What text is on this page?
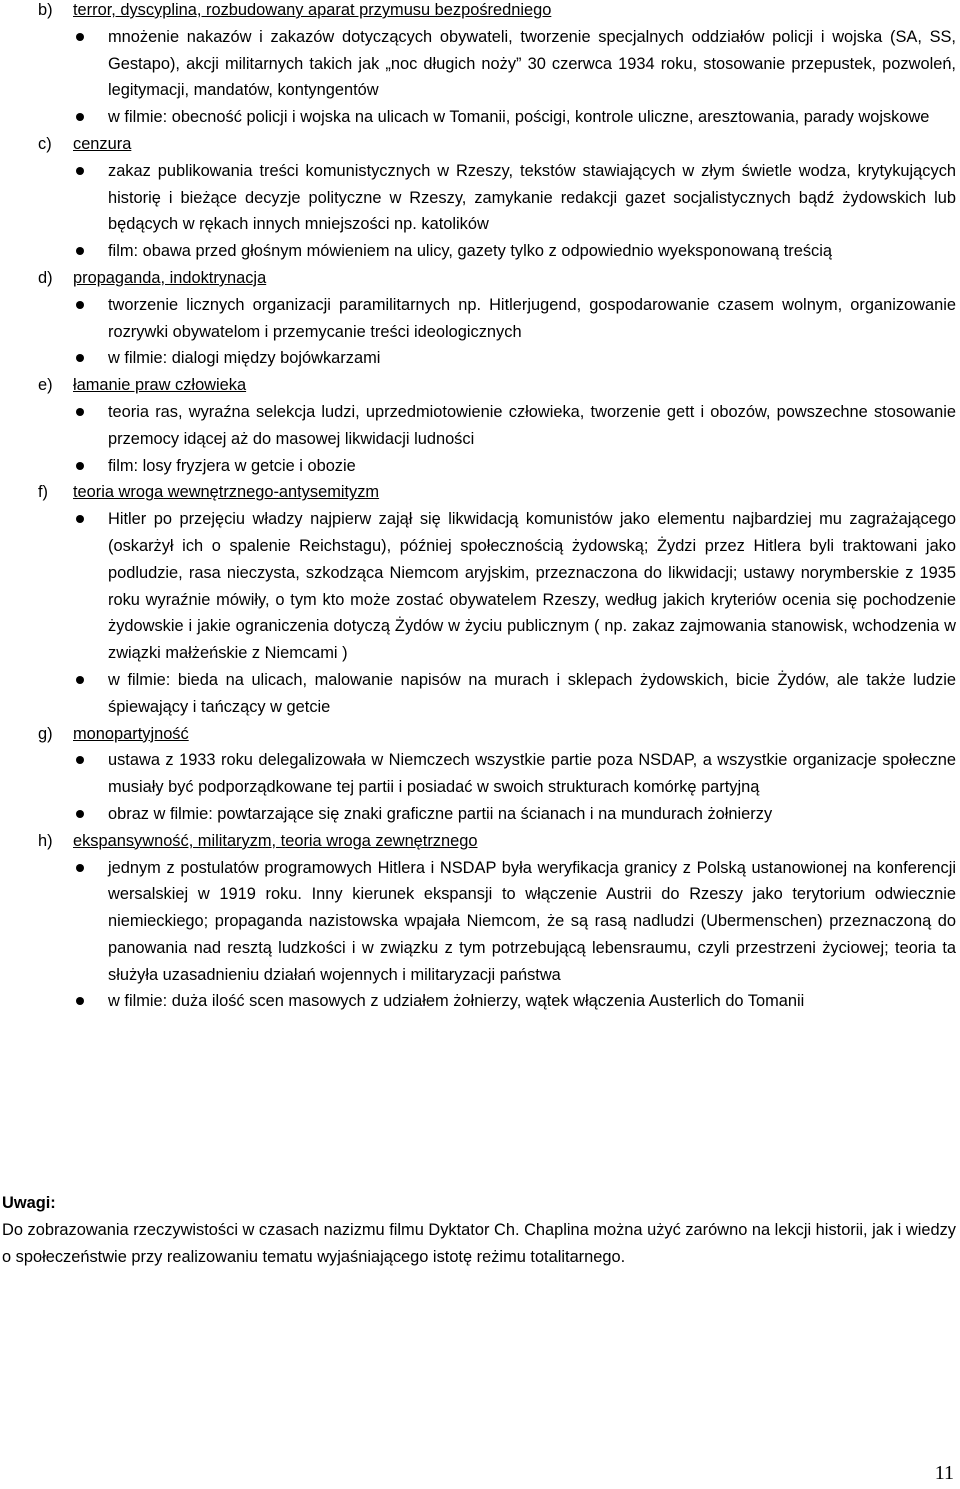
b) terror, dyscyplina, rozbudowany aparat przymusu bezpośredniego
mnożenie nakazów i zakazów dotyczących obywateli, tworzenie specjalnych oddziałów policji i wojska (SA, SS, Gestapo), akcji militarnych takich jak „noc długich noży” 30 czerwca 1934 roku, stosowanie przepustek, pozwoleń, legitymacji, mandatów, kontyngentów
w filmie: obecność policji i wojska na ulicach w Tomanii, pościgi, kontrole uliczne, aresztowania, parady wojskowe
c) cenzura
zakaz publikowania treści komunistycznych w Rzeszy, tekstów stawiających w złym świetle wodza, krytykujących historię i bieżące decyzje polityczne w Rzeszy, zamykanie redakcji gazet socjalistycznych bądź żydowskich lub będących w rękach innych mniejszości np. katolików
film: obawa przed głośnym mówieniem na ulicy, gazety tylko z odpowiednio wyeksponowaną treścią
d) propaganda, indoktrynacja
tworzenie licznych organizacji paramilitarnych np. Hitlerjugend, gospodarowanie czasem wolnym, organizowanie rozrywki obywatelom i przemycanie treści ideologicznych
w filmie: dialogi między bojówkarzami
e) łamanie praw człowieka
teoria ras, wyraźna selekcja ludzi, uprzedmiotowienie człowieka, tworzenie gett i obozów, powszechne stosowanie przemocy idącej aż do masowej likwidacji ludności
film: losy fryzjera w getcie i obozie
f) teoria wroga wewnętrznego-antysemityzm
Hitler po przejęciu władzy najpierw zajął się likwidacją komunistów jako elementu najbardziej mu zagrażającego (oskarżył ich o spalenie Reichstagu), później społecznością żydowską; Żydzi przez Hitlera byli traktowani jako podludzie, rasa nieczysta, szkodząca Niemcom aryjskim, przeznaczona do likwidacji; ustawy norymberskie z 1935 roku wyraźnie mówiły, o tym kto może zostać obywatelem Rzeszy, według jakich kryteriów ocenia się pochodzenie żydowskie i jakie ograniczenia dotyczą Żydów w życiu publicznym ( np. zakaz zajmowania stanowisk, wchodzenia w związki małżeńskie z Niemcami )
w filmie: bieda na ulicach, malowanie napisów na murach i sklepach żydowskich, bicie Żydów, ale także ludzie śpiewający i tańczący w getcie
g) monopartyjność
ustawa z 1933 roku delegalizowała w Niemczech wszystkie partie poza NSDAP, a wszystkie organizacje społeczne musiały być podporządkowane tej partii i posiadać w swoich strukturach komórkę partyjną
obraz w filmie: powtarzające się znaki graficzne partii na ścianach i na mundurach żołnierzy
h) ekspansywność, militaryzm, teoria wroga zewnętrznego
jednym z postulatów programowych Hitlera i NSDAP była weryfikacja granicy z Polską ustanowionej na konferencji wersalskiej w 1919 roku. Inny kierunek ekspansji to włączenie Austrii do Rzeszy jako terytorium odwiecznie niemieckiego; propaganda nazistowska wpajała Niemcom, że są rasą nadludzi (Ubermenschen) przeznaczoną do panowania nad resztą ludzkości i w związku z tym potrzebującą lebensraumu, czyli przestrzeni życiowej; teoria ta służyła uzasadnieniu działań wojennych i militaryzacji państwa
w filmie: duża ilość scen masowych z udziałem żołnierzy, wątek włączenia Austerlich do Tomanii

Uwagi:

Do zobrazowania rzeczywistości w czasach nazizmu filmu Dyktator Ch. Chaplina można użyć zarówno na lekcji historii, jak i wiedzy o społeczeństwie przy realizowaniu tematu wyjaśniającego istotę reżimu totalitarnego.

11
